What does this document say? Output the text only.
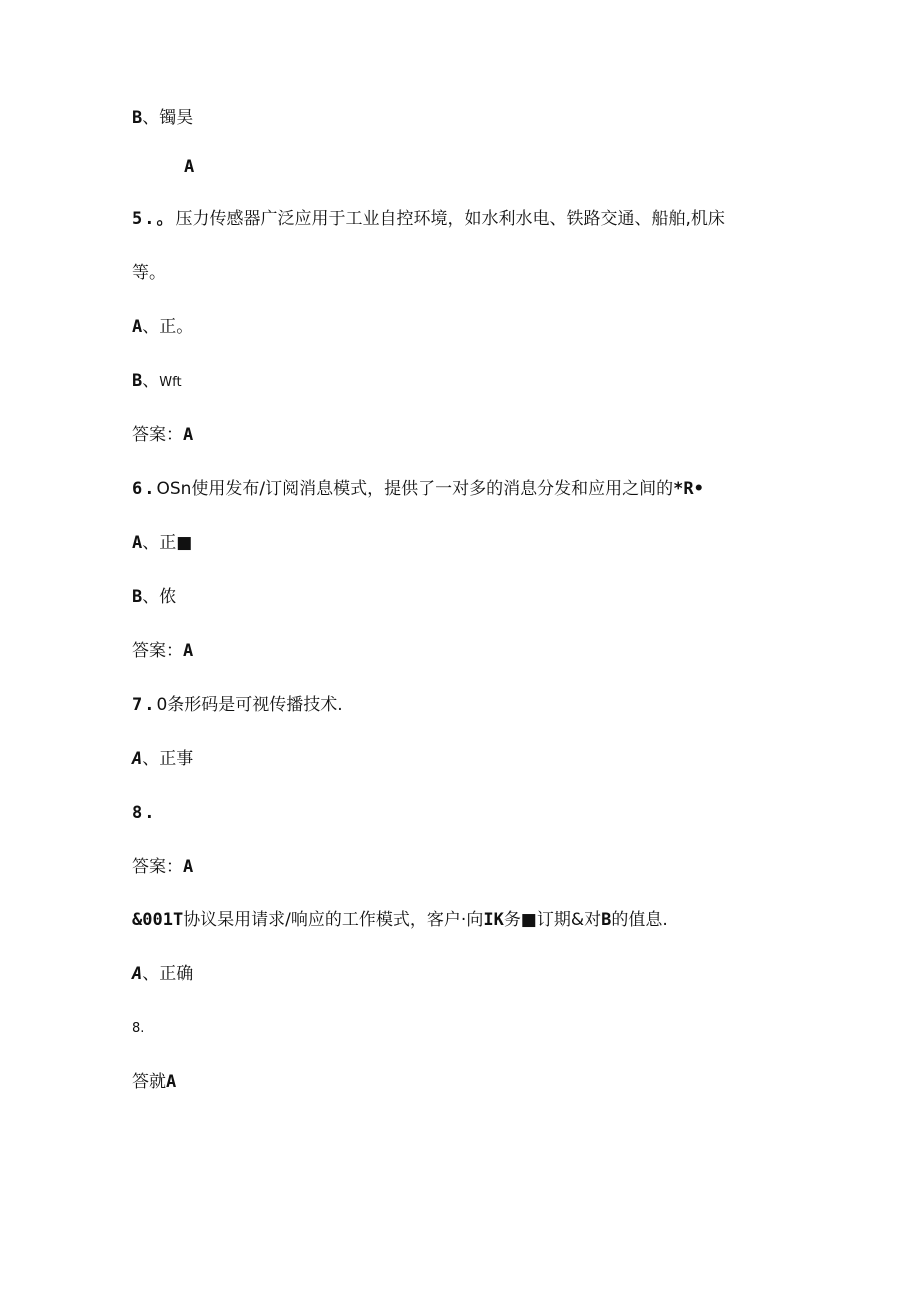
B、镯昊
A
5.。压力传感器广泛应用于工业自控环境，如水利水电、铁路交通、船舶,机床
等。
A、正。
B、Wft
答案：A
6.OSn使用发布/订阅消息模式，提供了一对多的消息分发和应用之间的*R•
A、正■
B、侬
答案：A
7.0条形码是可视传播技术.
A、正事
8.
答案：A
&001T协议杲用请求/响应的工作模式，客户·向IK务■订期&对B的值息.
A、正确
8.
答就A
